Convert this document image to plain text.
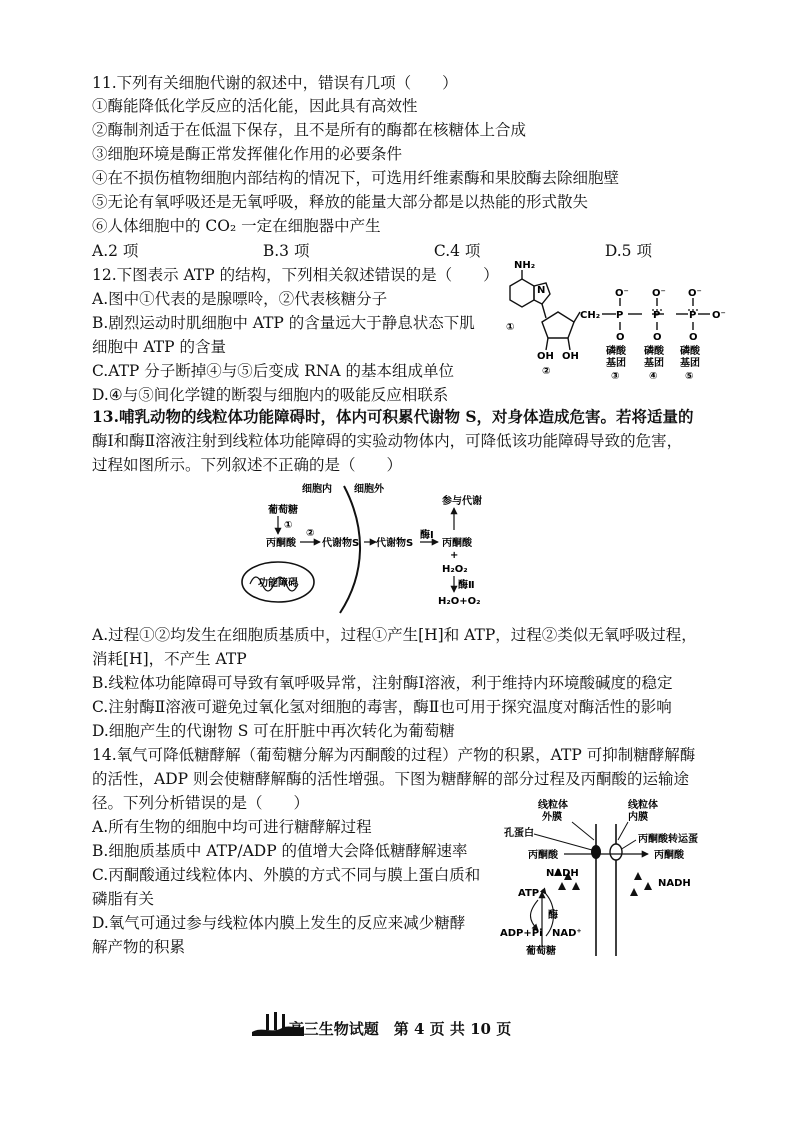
11.下列有关细胞代谢的叙述中，错误有几项（　　）
①酶能降低化学反应的活化能，因此具有高效性
②酶制剂适于在低温下保存，且不是所有的酶都在核糖体上合成
③细胞环境是酶正常发挥催化作用的必要条件
④在不损伤植物细胞内部结构的情况下，可选用纤维素酶和果胶酶去除细胞壁
⑤无论有氧呼吸还是无氧呼吸，释放的能量大部分都是以热能的形式散失
⑥人体细胞中的 CO₂ 一定在细胞器中产生
A.2 项	B.3 项	C.4 项	D.5 项
12.下图表示 ATP 的结构，下列相关叙述错误的是（　　）
A.图中①代表的是腺嘌呤，②代表核糖分子
B.剧烈运动时肌细胞中 ATP 的含量远大于静息状态下肌
细胞中 ATP 的含量
C.ATP 分子断掉④与⑤后变成 RNA 的基本组成单位
D.④与⑤间化学键的断裂与细胞内的吸能反应相联系
NH₂
N
①
OH OH
②
CH₂ P	P	P O⁻
O⁻ O⁻ O⁻
O	O	O
磷酸 磷酸 磷酸
基团 基团 基团
③	④	⑤
13.哺乳动物的线粒体功能障碍时，体内可积累代谢物 S，对身体造成危害。若将适量的
酶Ⅰ和酶Ⅱ溶液注射到线粒体功能障碍的实验动物体内，可降低该功能障碍导致的危害，
过程如图所示。下列叙述不正确的是（　　）
细胞内 细胞外
葡萄糖
①
丙酮酸
②
代谢物S 代谢物S
酶Ⅰ
丙酮酸
参与代谢
+
H₂O₂
酶Ⅱ
H₂O+O₂
功能障碍
A.过程①②均发生在细胞质基质中，过程①产生[H]和 ATP，过程②类似无氧呼吸过程，
消耗[H]，不产生 ATP
B.线粒体功能障碍可导致有氧呼吸异常，注射酶Ⅰ溶液，利于维持内环境酸碱度的稳定
C.注射酶Ⅱ溶液可避免过氧化氢对细胞的毒害，酶Ⅱ也可用于探究温度对酶活性的影响
D.细胞产生的代谢物 S 可在肝脏中再次转化为葡萄糖
14.氧气可降低糖酵解（葡萄糖分解为丙酮酸的过程）产物的积累，ATP 可抑制糖酵解酶
的活性，ADP 则会使糖酵解酶的活性增强。下图为糖酵解的部分过程及丙酮酸的运输途
径。下列分析错误的是（　　）
A.所有生物的细胞中均可进行糖酵解过程
B.细胞质基质中 ATP/ADP 的值增大会降低糖酵解速率
C.丙酮酸通过线粒体内、外膜的方式不同与膜上蛋白质和
磷脂有关
D.氧气可通过参与线粒体内膜上发生的反应来减少糖酵
解产物的积累
线粒体
外膜
线粒体
内膜
孔蛋白
丙酮酸转运蛋
丙酮酸	丙酮酸
NADH
NADH
ATP
ADP+Pi
酶
NAD⁺
葡萄糖
高三生物试题　第 4 页 共 10 页
